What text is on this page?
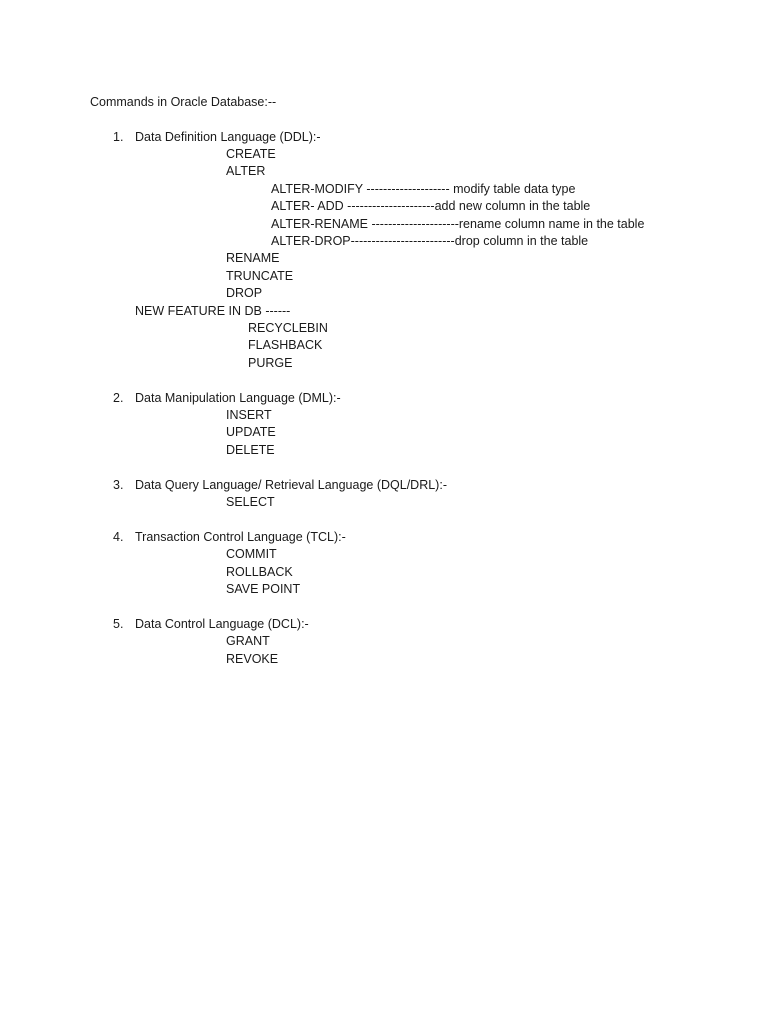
Commands in Oracle Database:--
1. Data Definition Language (DDL):-
CREATE
ALTER
ALTER-MODIFY -------------------- modify table data type
ALTER- ADD ---------------------add new column in the table
ALTER-RENAME ---------------------rename column name in the table
ALTER-DROP-------------------------drop column in the table
RENAME
TRUNCATE
DROP
NEW FEATURE IN DB ------
RECYCLEBIN
FLASHBACK
PURGE
2. Data Manipulation Language (DML):-
INSERT
UPDATE
DELETE
3. Data Query Language/ Retrieval Language (DQL/DRL):-
SELECT
4. Transaction Control Language (TCL):-
COMMIT
ROLLBACK
SAVE POINT
5. Data Control Language (DCL):-
GRANT
REVOKE
